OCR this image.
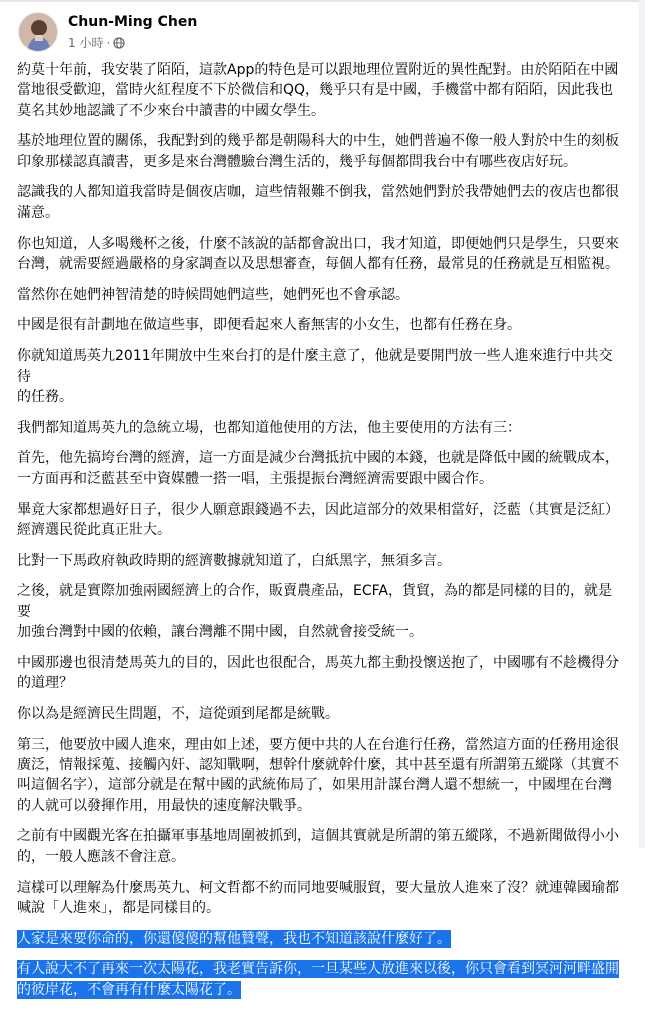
Chun-Ming Chen
1 小時 ·

約莫十年前，我安裝了陌陌，這款App的特色是可以跟地理位置附近的異性配對。由於陌陌在中國
當地很受歡迎，當時火紅程度不下於微信和QQ，幾乎只有是中國，手機當中都有陌陌，因此我也
莫名其妙地認識了不少來台中讀書的中國女學生。

基於地理位置的關係，我配對到的幾乎都是朝陽科大的中生，她們普遍不像一般人對於中生的刻板
印象那樣認真讀書，更多是來台灣體驗台灣生活的，幾乎每個都問我台中有哪些夜店好玩。

認識我的人都知道我當時是個夜店咖，這些情報難不倒我，當然她們對於我帶她們去的夜店也都很
滿意。

你也知道，人多喝幾杯之後，什麼不該說的話都會說出口，我才知道，即便她們只是學生，只要來
台灣，就需要經過嚴格的身家調查以及思想審查，每個人都有任務，最常見的任務就是互相監視。

當然你在她們神智清楚的時候問她們這些，她們死也不會承認。

中國是很有計劃地在做這些事，即便看起來人畜無害的小女生，也都有任務在身。

你就知道馬英九2011年開放中生來台打的是什麼主意了，他就是要開門放一些人進來進行中共交待
的任務。

我們都知道馬英九的急統立場，也都知道他使用的方法，他主要使用的方法有三：

首先，他先搞垮台灣的經濟，這一方面是減少台灣抵抗中國的本錢，也就是降低中國的統戰成本，
一方面再和泛藍甚至中資媒體一搭一唱，主張提振台灣經濟需要跟中國合作。

畢竟大家都想過好日子，很少人願意跟錢過不去，因此這部分的效果相當好，泛藍（其實是泛紅）
經濟選民從此真正壯大。

比對一下馬政府執政時期的經濟數據就知道了，白紙黑字，無須多言。

之後，就是實際加強兩國經濟上的合作，販賣農產品，ECFA，貨貿，為的都是同樣的目的，就是要
加強台灣對中國的依賴，讓台灣離不開中國，自然就會接受統一。

中國那邊也很清楚馬英九的目的，因此也很配合，馬英九都主動投懷送抱了，中國哪有不趁機得分
的道理？

你以為是經濟民生問題，不，這從頭到尾都是統戰。

第三，他要放中國人進來，理由如上述，要方便中共的人在台進行任務，當然這方面的任務用途很
廣泛，情報採蒐、接觸內奸、認知戰啊，想幹什麼就幹什麼，其中甚至還有所謂第五縱隊（其實不
叫這個名字），這部分就是在幫中國的武統佈局了，如果用計謀台灣人還不想統一，中國埋在台灣
的人就可以發揮作用，用最快的速度解決戰爭。

之前有中國觀光客在拍攝軍事基地周圍被抓到，這個其實就是所謂的第五縱隊，不過新聞做得小小
的，一般人應該不會注意。

這樣可以理解為什麼馬英九、柯文哲都不約而同地要喊服貿，要大量放人進來了沒？就連韓國瑜都
喊說「人進來」，都是同樣目的。

人家是來要你命的，你還傻傻的幫他贊聲，我也不知道該說什麼好了。

有人說大不了再來一次太陽花，我老實告訴你，一旦某些人放進來以後，你只會看到冥河河畔盛開
的彼岸花，不會再有什麼太陽花了。
